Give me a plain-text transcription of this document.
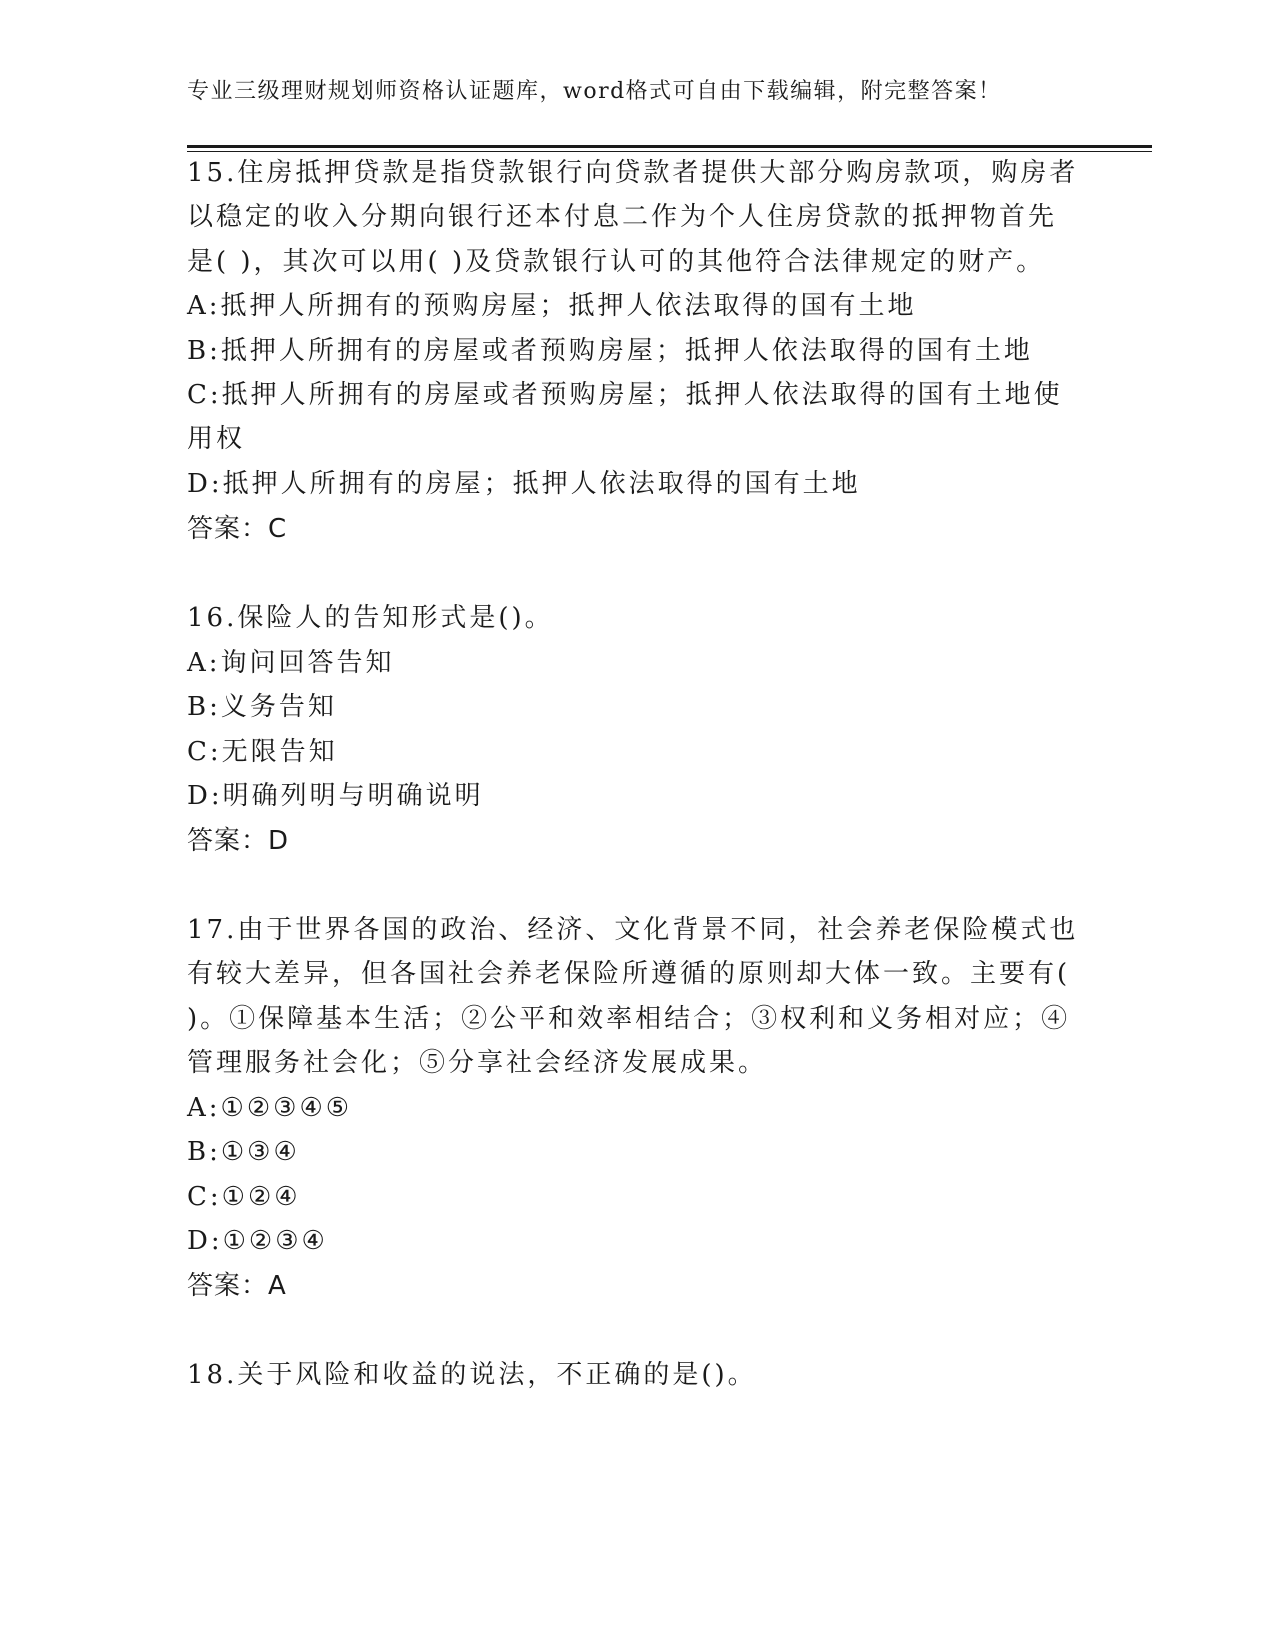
专业三级理财规划师资格认证题库，word格式可自由下载编辑，附完整答案！
15.住房抵押贷款是指贷款银行向贷款者提供大部分购房款项，购房者
以稳定的收入分期向银行还本付息二作为个人住房贷款的抵押物首先
是( )，其次可以用( )及贷款银行认可的其他符合法律规定的财产。
A:抵押人所拥有的预购房屋；抵押人依法取得的国有土地
B:抵押人所拥有的房屋或者预购房屋；抵押人依法取得的国有土地
C:抵押人所拥有的房屋或者预购房屋；抵押人依法取得的国有土地使
用权
D:抵押人所拥有的房屋；抵押人依法取得的国有土地
答案：C
16.保险人的告知形式是()。
A:询问回答告知
B:义务告知
C:无限告知
D:明确列明与明确说明
答案：D
17.由于世界各国的政治、经济、文化背景不同，社会养老保险模式也
有较大差异，但各国社会养老保险所遵循的原则却大体一致。主要有(
)。①保障基本生活；②公平和效率相结合；③权利和义务相对应；④
管理服务社会化；⑤分享社会经济发展成果。
A:①②③④⑤
B:①③④
C:①②④
D:①②③④
答案：A
18.关于风险和收益的说法，不正确的是()。
